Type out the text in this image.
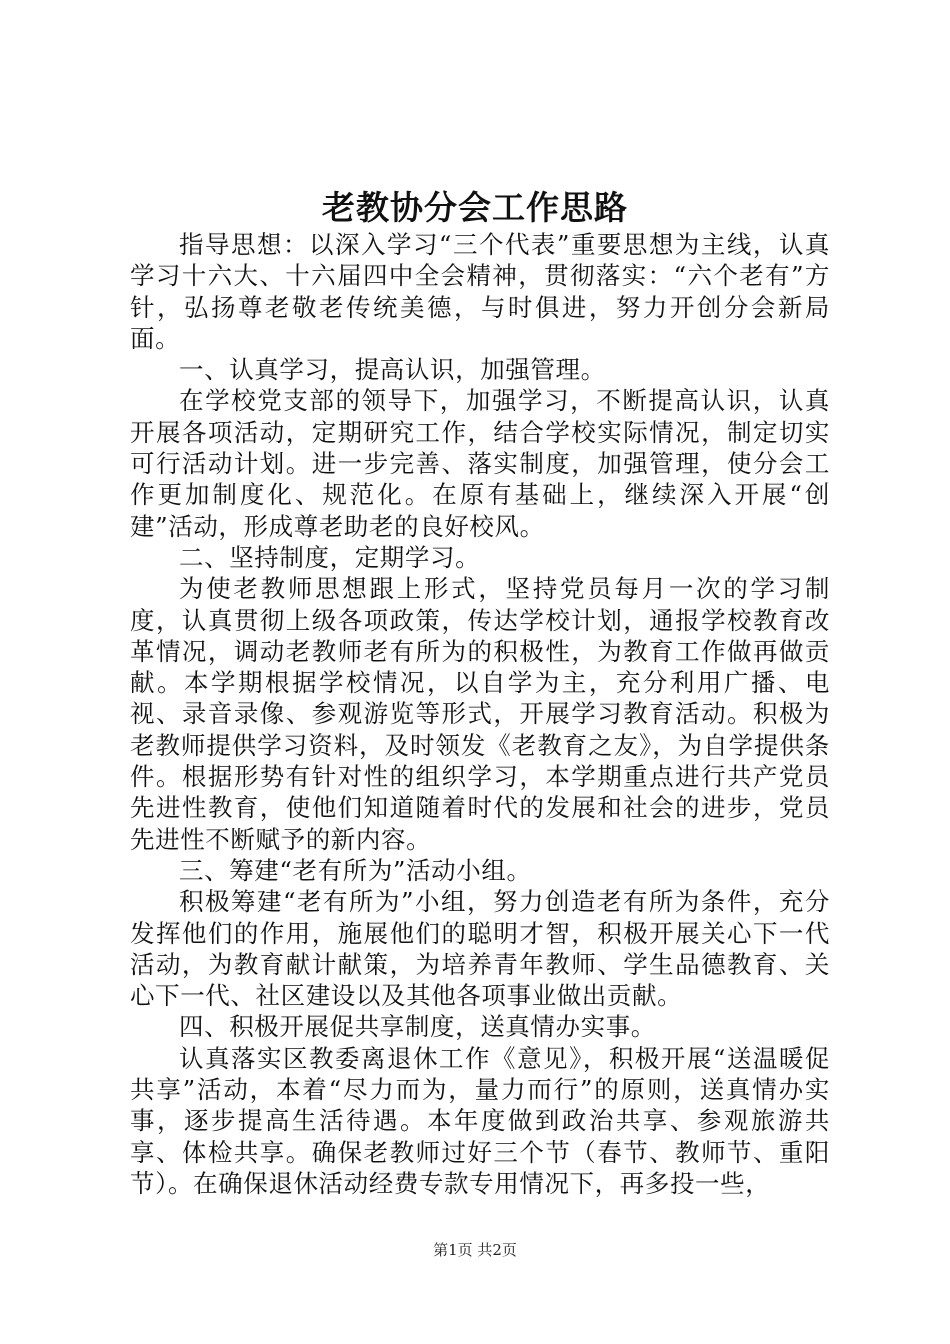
老教协分会工作思路

指导思想：以深入学习“三个代表”重要思想为主线，认真学习十六大、十六届四中全会精神，贯彻落实：“六个老有”方针，弘扬尊老敬老传统美德，与时俱进，努力开创分会新局面。

一、认真学习，提高认识，加强管理。

在学校党支部的领导下，加强学习，不断提高认识，认真开展各项活动，定期研究工作，结合学校实际情况，制定切实可行活动计划。进一步完善、落实制度，加强管理，使分会工作更加制度化、规范化。在原有基础上，继续深入开展“创建”活动，形成尊老助老的良好校风。

二、坚持制度，定期学习。

为使老教师思想跟上形式，坚持党员每月一次的学习制度，认真贯彻上级各项政策，传达学校计划，通报学校教育改革情况，调动老教师老有所为的积极性，为教育工作做再做贡献。本学期根据学校情况，以自学为主，充分利用广播、电视、录音录像、参观游览等形式，开展学习教育活动。积极为老教师提供学习资料，及时领发《老教育之友》，为自学提供条件。根据形势有针对性的组织学习，本学期重点进行共产党员先进性教育，使他们知道随着时代的发展和社会的进步，党员先进性不断赋予的新内容。

三、筹建“老有所为”活动小组。

积极筹建“老有所为”小组，努力创造老有所为条件，充分发挥他们的作用，施展他们的聪明才智，积极开展关心下一代活动，为教育献计献策，为培养青年教师、学生品德教育、关心下一代、社区建设以及其他各项事业做出贡献。

四、积极开展促共享制度，送真情办实事。

认真落实区教委离退休工作《意见》，积极开展“送温暖促共享”活动，本着“尽力而为，量力而行”的原则，送真情办实事，逐步提高生活待遇。本年度做到政治共享、参观旅游共享、体检共享。确保老教师过好三个节（春节、教师节、重阳节）。在确保退休活动经费专款专用情况下，再多投一些，

第1页 共2页
